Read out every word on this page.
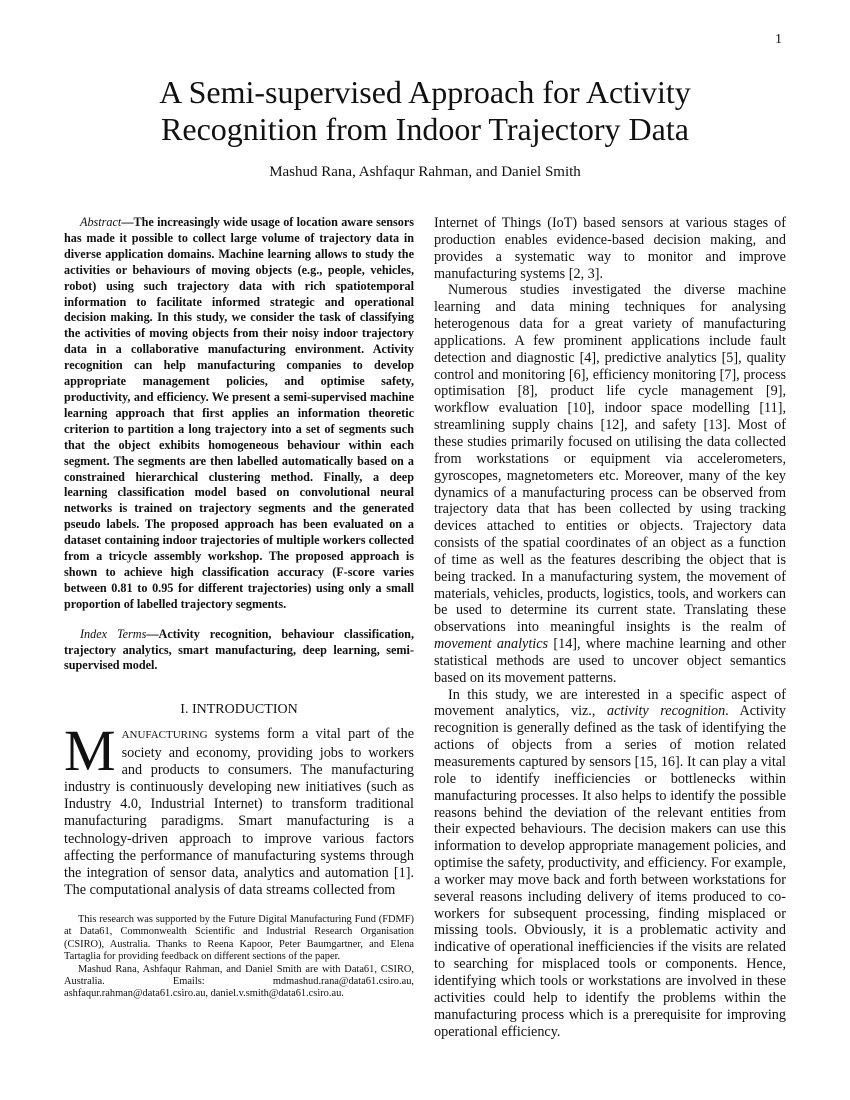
1
A Semi-supervised Approach for Activity
Recognition from Indoor Trajectory Data
Mashud Rana, Ashfaqur Rahman, and Daniel Smith

Abstract—The increasingly wide usage of location aware sensors has made it possible to collect large volume of trajectory data in diverse application domains. Machine learning allows to study the activities or behaviours of moving objects (e.g., people, vehicles, robot) using such trajectory data with rich spatiotemporal information to facilitate informed strategic and operational decision making. In this study, we consider the task of classifying the activities of moving objects from their noisy indoor trajectory data in a collaborative manufacturing environment. Activity recognition can help manufacturing companies to develop appropriate management policies, and optimise safety, productivity, and efficiency. We present a semi-supervised machine learning approach that first applies an information theoretic criterion to partition a long trajectory into a set of segments such that the object exhibits homogeneous behaviour within each segment. The segments are then labelled automatically based on a constrained hierarchical clustering method. Finally, a deep learning classification model based on convolutional neural networks is trained on trajectory segments and the generated pseudo labels. The proposed approach has been evaluated on a dataset containing indoor trajectories of multiple workers collected from a tricycle assembly workshop. The proposed approach is shown to achieve high classification accuracy (F-score varies between 0.81 to 0.95 for different trajectories) using only a small proportion of labelled trajectory segments.

Index Terms—Activity recognition, behaviour classification, trajectory analytics, smart manufacturing, deep learning, semi-supervised model.

I. INTRODUCTION

MANUFACTURING systems form a vital part of the society and economy, providing jobs to workers and products to consumers. The manufacturing industry is continuously developing new initiatives (such as Industry 4.0, Industrial Internet) to transform traditional manufacturing paradigms. Smart manufacturing is a technology-driven approach to improve various factors affecting the performance of manufacturing systems through the integration of sensor data, analytics and automation [1]. The computational analysis of data streams collected from

This research was supported by the Future Digital Manufacturing Fund (FDMF) at Data61, Commonwealth Scientific and Industrial Research Organisation (CSIRO), Australia. Thanks to Reena Kapoor, Peter Baumgartner, and Elena Tartaglia for providing feedback on different sections of the paper.

Mashud Rana, Ashfaqur Rahman, and Daniel Smith are with Data61, CSIRO, Australia. Emails: mdmashud.rana@data61.csiro.au, ashfaqur.rahman@data61.csiro.au, daniel.v.smith@data61.csiro.au.

Internet of Things (IoT) based sensors at various stages of production enables evidence-based decision making, and provides a systematic way to monitor and improve manufacturing systems [2, 3].

Numerous studies investigated the diverse machine learning and data mining techniques for analysing heterogenous data for a great variety of manufacturing applications. A few prominent applications include fault detection and diagnostic [4], predictive analytics [5], quality control and monitoring [6], efficiency monitoring [7], process optimisation [8], product life cycle management [9], workflow evaluation [10], indoor space modelling [11], streamlining supply chains [12], and safety [13]. Most of these studies primarily focused on utilising the data collected from workstations or equipment via accelerometers, gyroscopes, magnetometers etc. Moreover, many of the key dynamics of a manufacturing process can be observed from trajectory data that has been collected by using tracking devices attached to entities or objects. Trajectory data consists of the spatial coordinates of an object as a function of time as well as the features describing the object that is being tracked. In a manufacturing system, the movement of materials, vehicles, products, logistics, tools, and workers can be used to determine its current state. Translating these observations into meaningful insights is the realm of movement analytics [14], where machine learning and other statistical methods are used to uncover object semantics based on its movement patterns.

In this study, we are interested in a specific aspect of movement analytics, viz., activity recognition. Activity recognition is generally defined as the task of identifying the actions of objects from a series of motion related measurements captured by sensors [15, 16]. It can play a vital role to identify inefficiencies or bottlenecks within manufacturing processes. It also helps to identify the possible reasons behind the deviation of the relevant entities from their expected behaviours. The decision makers can use this information to develop appropriate management policies, and optimise the safety, productivity, and efficiency. For example, a worker may move back and forth between workstations for several reasons including delivery of items produced to co-workers for subsequent processing, finding misplaced or missing tools. Obviously, it is a problematic activity and indicative of operational inefficiencies if the visits are related to searching for misplaced tools or components. Hence, identifying which tools or workstations are involved in these activities could help to identify the problems within the manufacturing process which is a prerequisite for improving operational efficiency.
